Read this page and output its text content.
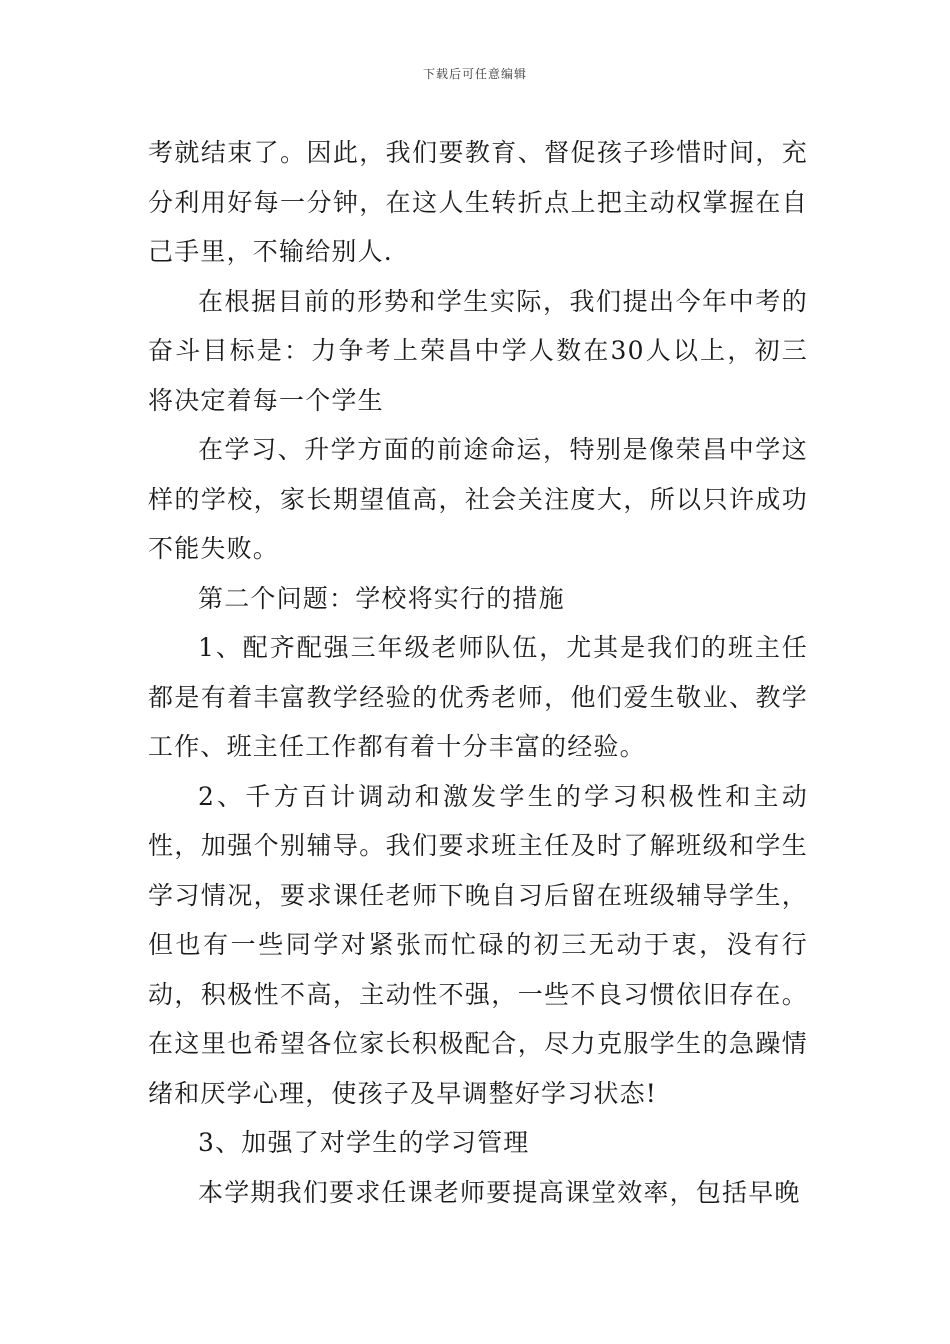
下载后可任意编辑

考就结束了。因此，我们要教育、督促孩子珍惜时间，充分利用好每一分钟，在这人生转折点上把主动权掌握在自己手里，不输给别人.

在根据目前的形势和学生实际，我们提出今年中考的奋斗目标是：力争考上荣昌中学人数在30人以上，初三将决定着每一个学生

在学习、升学方面的前途命运，特别是像荣昌中学这样的学校，家长期望值高，社会关注度大，所以只许成功不能失败。

第二个问题：学校将实行的措施

1、配齐配强三年级老师队伍，尤其是我们的班主任都是有着丰富教学经验的优秀老师，他们爱生敬业、教学工作、班主任工作都有着十分丰富的经验。

2、千方百计调动和激发学生的学习积极性和主动性，加强个别辅导。我们要求班主任及时了解班级和学生学习情况，要求课任老师下晚自习后留在班级辅导学生，但也有一些同学对紧张而忙碌的初三无动于衷，没有行动，积极性不高，主动性不强，一些不良习惯依旧存在。在这里也希望各位家长积极配合，尽力克服学生的急躁情绪和厌学心理，使孩子及早调整好学习状态!

3、加强了对学生的学习管理

本学期我们要求任课老师要提高课堂效率，包括早晚
